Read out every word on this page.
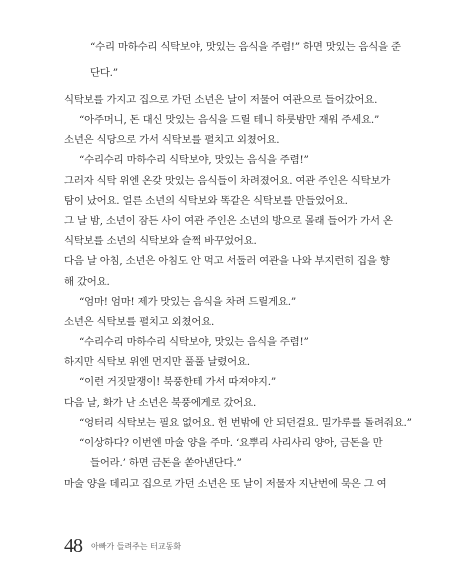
“수리 마하수리 식탁보야, 맛있는 음식을 주렴!” 하면 맛있는 음식을 준
단다.”
식탁보를 가지고 집으로 가던 소년은 날이 저물어 여관으로 들어갔어요.
“아주머니, 돈 대신 맛있는 음식을 드릴 테니 하룻밤만 재워 주세요.”
소년은 식당으로 가서 식탁보를 펼치고 외쳤어요.
“수리수리 마하수리 식탁보야, 맛있는 음식을 주렴!”
그러자 식탁 위엔 온갖 맛있는 음식들이 차려졌어요. 여관 주인은 식탁보가
탐이 났어요. 얼른 소년의 식탁보와 똑같은 식탁보를 만들었어요.
그 날 밤, 소년이 잠든 사이 여관 주인은 소년의 방으로 몰래 들어가 가서 온
식탁보를 소년의 식탁보와 슬쩍 바꾸었어요.
다음 날 아침, 소년은 아침도 안 먹고 서둘러 여관을 나와 부지런히 집을 향
해 갔어요.
“엄마! 엄마! 제가 맛있는 음식을 차려 드릴게요.”
소년은 식탁보를 펼치고 외쳤어요.
“수리수리 마하수리 식탁보야, 맛있는 음식을 주렴!”
하지만 식탁보 위엔 먼지만 풀풀 날렸어요.
“이런 거짓말쟁이! 북풍한테 가서 따져야지.”
다음 날, 화가 난 소년은 북풍에게로 갔어요.
“엉터리 식탁보는 필요 없어요. 헌 번밖에 안 되던걸요. 밀가루를 돌려줘요.”
“이상하다? 이번엔 마술 양을 주마. ‘요뿌리 사리사리 양아, 금돈을 만
들어라.’ 하면 금돈을 쏟아낸단다.”
마술 양을 데리고 집으로 가던 소년은 또 날이 저물자 지난번에 묵은 그 여
48 아빠가 들려주는 터교동화
